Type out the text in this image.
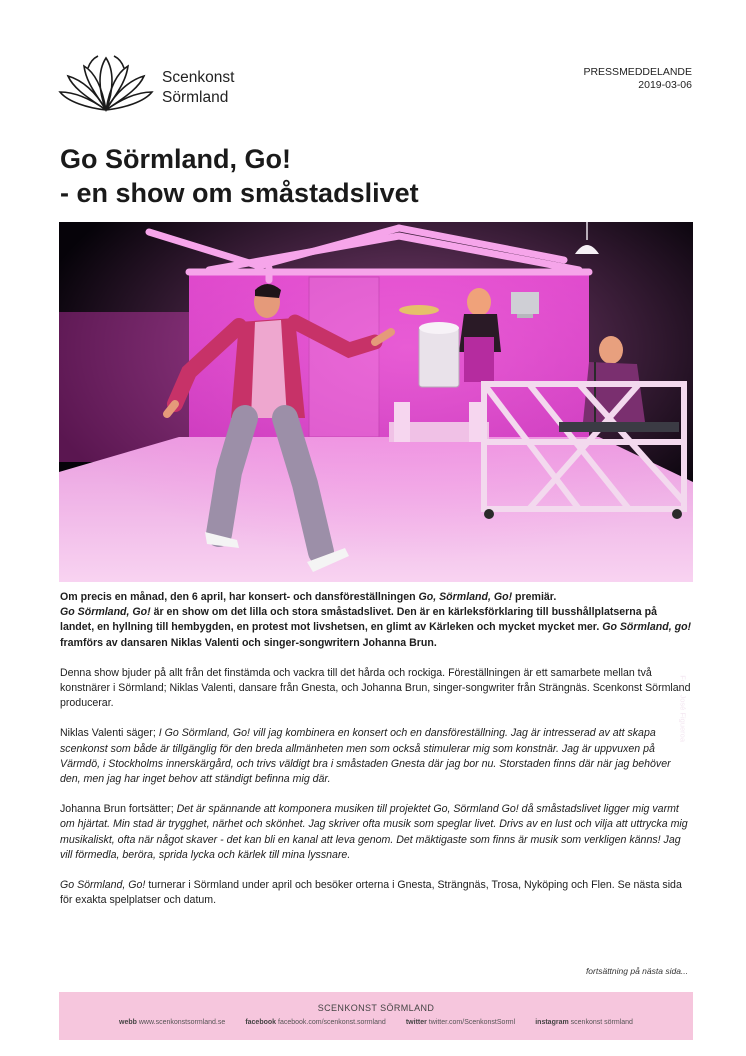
Scenkonst
Sörmland
PRESSMEDDELANDE
2019-03-06
Go Sörmland, Go!
- en show om småstadslivet
Foto: José Figueroa

Om precis en månad, den 6 april, har konsert- och dansföreställningen Go, Sörmland, Go! premiär.
Go Sörmland, Go! är en show om det lilla och stora småstadslivet. Den är en kärleksförklaring till busshållplatserna på landet, en hyllning till hembygden, en protest mot livshetsen, en glimt av Kärleken och mycket mycket mer. Go Sörmland, go! framförs av dansaren Niklas Valenti och singer-songwritern Johanna Brun.

Denna show bjuder på allt från det finstämda och vackra till det hårda och rockiga. Föreställningen är ett samarbete mellan två konstnärer i Sörmland; Niklas Valenti, dansare från Gnesta, och Johanna Brun, singer-songwriter från Strängnäs. Scenkonst Sörmland producerar.

Niklas Valenti säger; I Go Sörmland, Go! vill jag kombinera en konsert och en dansföreställning. Jag är intresserad av att skapa scenkonst som både är tillgänglig för den breda allmänheten men som också stimulerar mig som konstnär. Jag är uppvuxen på Värmdö, i Stockholms innerskärgård, och trivs väldigt bra i småstaden Gnesta där jag bor nu. Storstaden finns där när jag behöver den, men jag har inget behov att ständigt befinna mig där.

Johanna Brun fortsätter; Det är spännande att komponera musiken till projektet Go, Sörmland Go! då småstadslivet ligger mig varmt om hjärtat. Min stad är trygghet, närhet och skönhet. Jag skriver ofta musik som speglar livet. Drivs av en lust och vilja att uttrycka mig musikaliskt, ofta när något skaver - det kan bli en kanal att leva genom. Det mäktigaste som finns är musik som verkligen känns! Jag vill förmedla, beröra, sprida lycka och kärlek till mina lyssnare.

Go Sörmland, Go! turnerar i Sörmland under april och besöker orterna i Gnesta, Strängnäs, Trosa, Nyköping och Flen. Se nästa sida för exakta spelplatser och datum.

fortsättning på nästa sida...
SCENKONST SÖRMLAND
webb www.scenkonstsormland.se	facebook facebook.com/scenkonst.sormland	twitter twitter.com/ScenkonstSorml	instagram scenkonst sörmland
